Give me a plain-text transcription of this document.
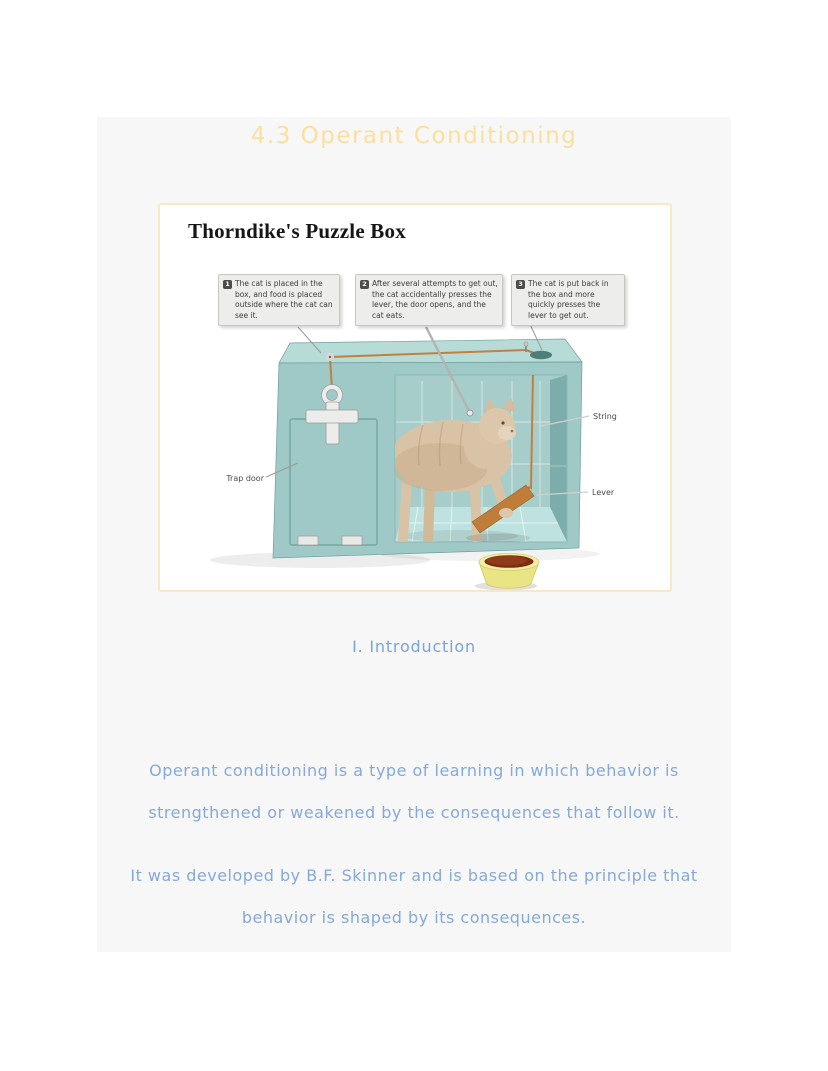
4.3 Operant Conditioning
Trap door
String
Lever
Thorndike's Puzzle Box
1 The cat is placed in the box, and food is placed outside where the cat can see it.
2 After several attempts to get out, the cat accidentally presses the lever, the door opens, and the cat eats.
3 The cat is put back in the box and more quickly presses the lever to get out.
I. Introduction
Operant conditioning is a type of learning in which behavior is
strengthened or weakened by the consequences that follow it.
It was developed by B.F. Skinner and is based on the principle that
behavior is shaped by its consequences.
